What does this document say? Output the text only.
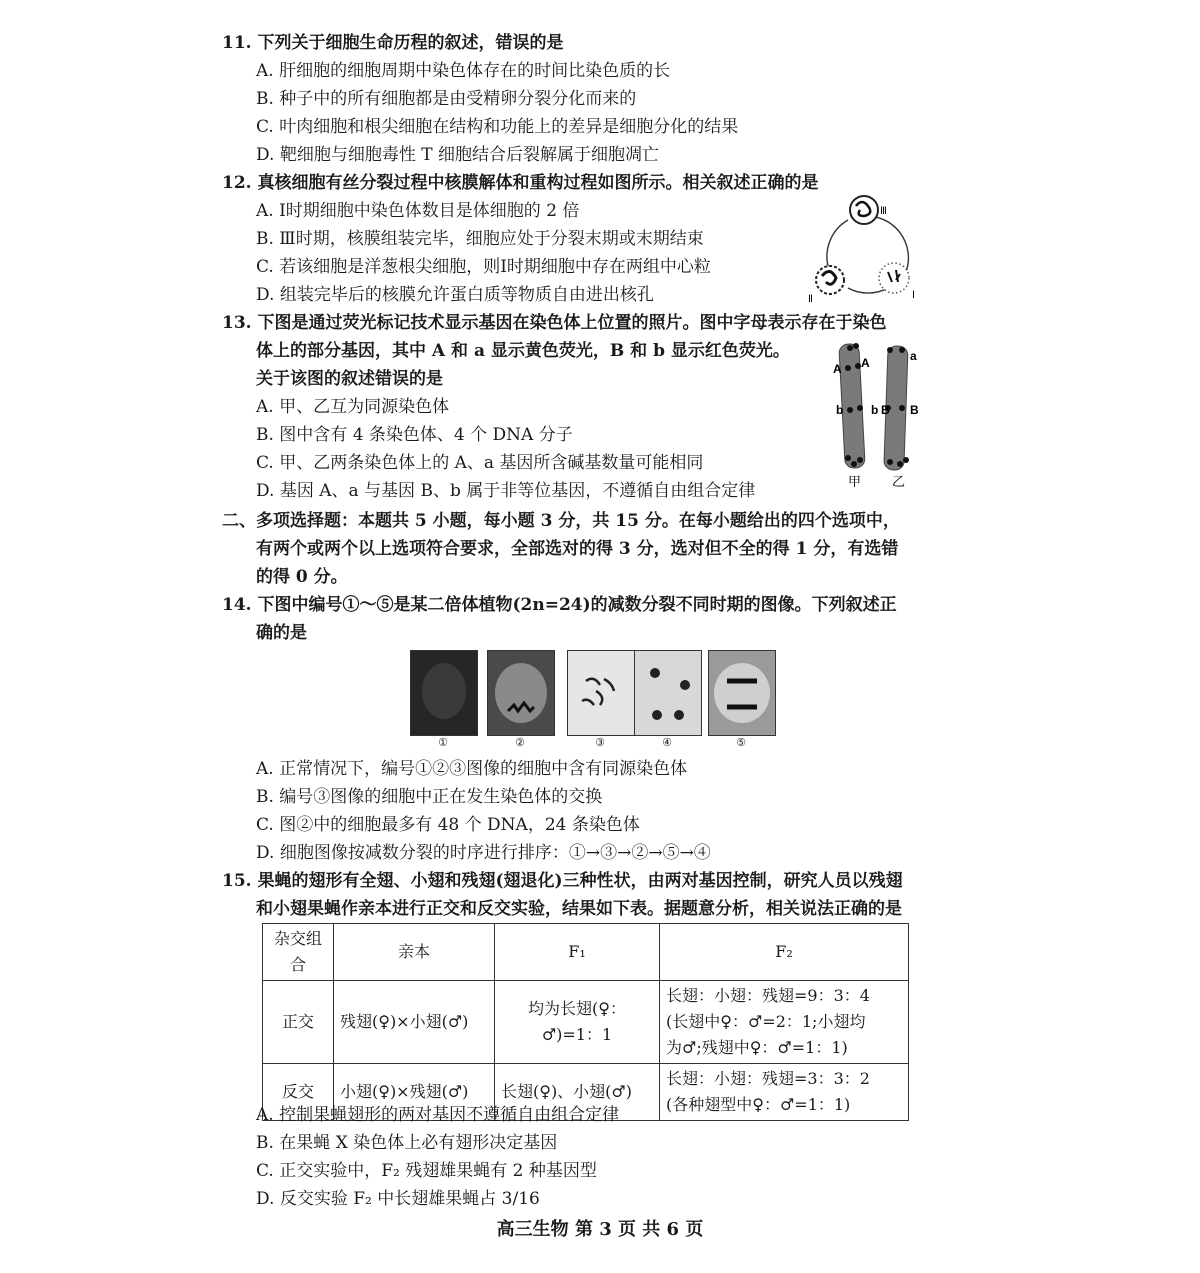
11. 下列关于细胞生命历程的叙述，错误的是
A. 肝细胞的细胞周期中染色体存在的时间比染色质的长
B. 种子中的所有细胞都是由受精卵分裂分化而来的
C. 叶肉细胞和根尖细胞在结构和功能上的差异是细胞分化的结果
D. 靶细胞与细胞毒性 T 细胞结合后裂解属于细胞凋亡
12. 真核细胞有丝分裂过程中核膜解体和重构过程如图所示。相关叙述正确的是
A. Ⅰ时期细胞中染色体数目是体细胞的 2 倍
B. Ⅲ时期，核膜组装完毕，细胞应处于分裂末期或末期结束
C. 若该细胞是洋葱根尖细胞，则Ⅰ时期细胞中存在两组中心粒
D. 组装完毕后的核膜允许蛋白质等物质自由进出核孔
Ⅲ
Ⅱ	Ⅰ
13. 下图是通过荧光标记技术显示基因在染色体上位置的照片。图中字母表示存在于染色
体上的部分基因，其中 A 和 a 显示黄色荧光，B 和 b 显示红色荧光。
关于该图的叙述错误的是
A. 甲、乙互为同源染色体
B. 图中含有 4 条染色体、4 个 DNA 分子
C. 甲、乙两条染色体上的 A、a 基因所含碱基数量可能相同
D. 基因 A、a 与基因 B、b 属于非等位基因，不遵循自由组合定律
A
A
a
b b B B
甲 乙
二、多项选择题：本题共 5 小题，每小题 3 分，共 15 分。在每小题给出的四个选项中，
有两个或两个以上选项符合要求，全部选对的得 3 分，选对但不全的得 1 分，有选错
的得 0 分。
14. 下图中编号①～⑤是某二倍体植物(2n=24)的减数分裂不同时期的图像。下列叙述正
确的是
①	②	③	④	⑤
A. 正常情况下，编号①②③图像的细胞中含有同源染色体
B. 编号③图像的细胞中正在发生染色体的交换
C. 图②中的细胞最多有 48 个 DNA，24 条染色体
D. 细胞图像按减数分裂的时序进行排序：①→③→②→⑤→④
15. 果蝇的翅形有全翅、小翅和残翅(翅退化)三种性状，由两对基因控制，研究人员以残翅
和小翅果蝇作亲本进行正交和反交实验，结果如下表。据题意分析，相关说法正确的是
杂交组合	亲本	F₁	F₂
正交	残翅(♀)×小翅(♂)	均为长翅(♀：♂)=1：1	长翅：小翅：残翅=9：3：4
(长翅中♀：♂=2：1;小翅均
为♂;残翅中♀：♂=1：1)

反交	小翅(♀)×残翅(♂)	长翅(♀)、小翅(♂)	长翅：小翅：残翅=3：3：2
(各种翅型中♀：♂=1：1)
A. 控制果蝇翅形的两对基因不遵循自由组合定律
B. 在果蝇 X 染色体上必有翅形决定基因
C. 正交实验中，F₂ 残翅雄果蝇有 2 种基因型
D. 反交实验 F₂ 中长翅雄果蝇占 3/16
高三生物 第 3 页 共 6 页
